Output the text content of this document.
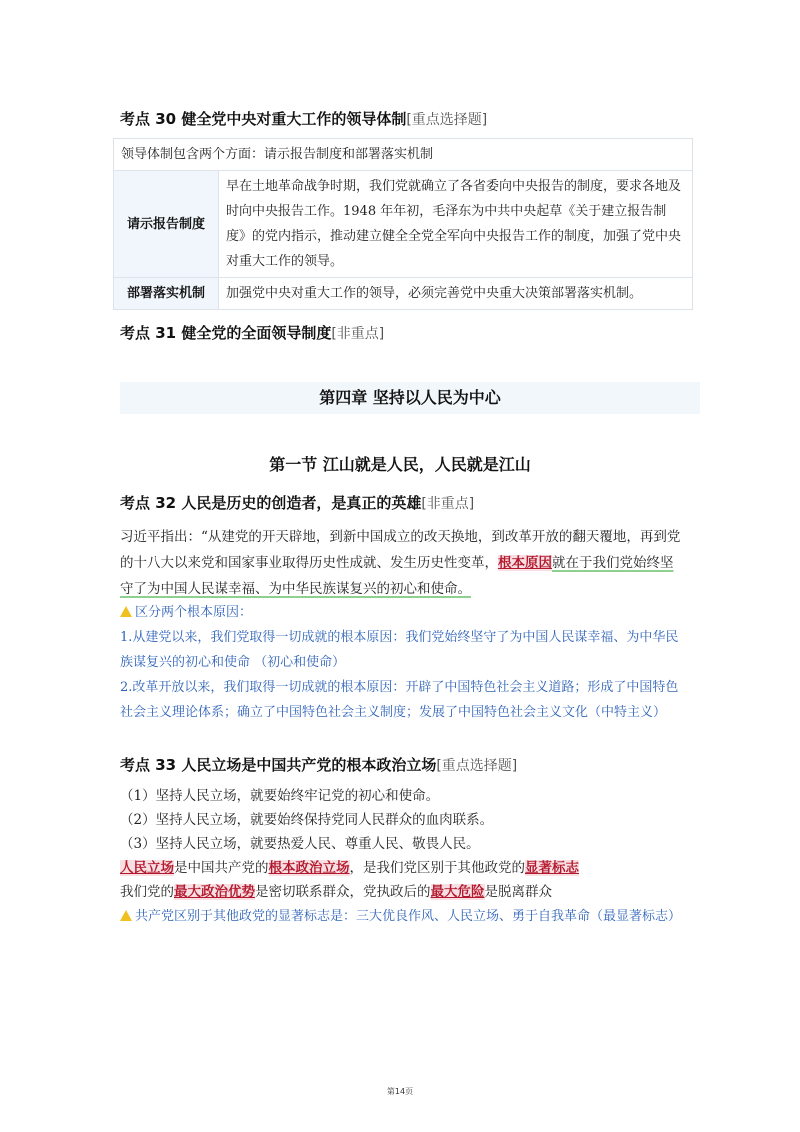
考点 30 健全党中央对重大工作的领导体制[重点选择题]
领导体制包含两个方面：请示报告制度和部署落实机制	
请示报告制度	早在土地革命战争时期，我们党就确立了各省委向中央报告的制度，要求各地及时向中央报告工作。1948 年年初，毛泽东为中共中央起草《关于建立报告制度》的党内指示，推动建立健全全党全军向中央报告工作的制度，加强了党中央对重大工作的领导。
部署落实机制	加强党中央对重大工作的领导，必须完善党中央重大决策部署落实机制。
考点 31 健全党的全面领导制度[非重点]
第四章 坚持以人民为中心
第一节 江山就是人民，人民就是江山
考点 32 人民是历史的创造者，是真正的英雄[非重点]
习近平指出：“从建党的开天辟地，到新中国成立的改天换地，到改革开放的翻天覆地，再到党的十八大以来党和国家事业取得历史性成就、发生历史性变革，根本原因就在于我们党始终坚守了为中国人民谋幸福、为中华民族谋复兴的初心和使命。
区分两个根本原因：
1.从建党以来，我们党取得一切成就的根本原因：我们党始终坚守了为中国人民谋幸福、为中华民族谋复兴的初心和使命 （初心和使命）
2.改革开放以来，我们取得一切成就的根本原因：开辟了中国特色社会主义道路；形成了中国特色社会主义理论体系；确立了中国特色社会主义制度；发展了中国特色社会主义文化（中特主义）
考点 33 人民立场是中国共产党的根本政治立场[重点选择题]
（1）坚持人民立场，就要始终牢记党的初心和使命。
（2）坚持人民立场，就要始终保持党同人民群众的血肉联系。
（3）坚持人民立场，就要热爱人民、尊重人民、敬畏人民。
人民立场是中国共产党的根本政治立场，是我们党区别于其他政党的显著标志
我们党的最大政治优势是密切联系群众，党执政后的最大危险是脱离群众
共产党区别于其他政党的显著标志是：三大优良作风、人民立场、勇于自我革命（最显著标志）
第14页
